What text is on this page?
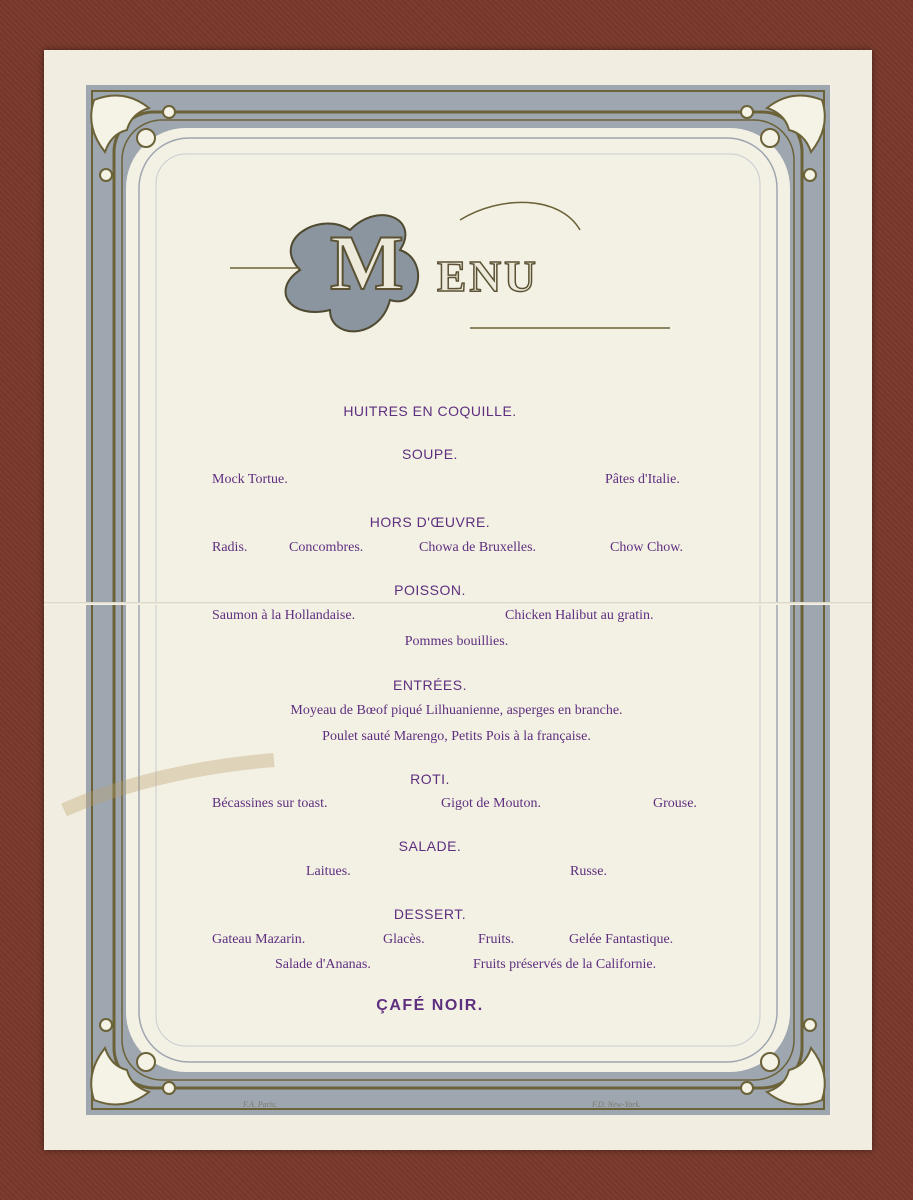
M ENU

HUITRES EN COQUILLE.

SOUPE.

Mock Tortue.	Pâtes d'Italie.

HORS D'ŒUVRE.

Radis.	Concombres.	Chowa de Bruxelles.	Chow Chow.

POISSON.

Saumon à la Hollandaise.	Chicken Halibut au gratin.
Pommes bouillies.

ENTRÉES.

Moyeau de Bœof piqué Lilhuanienne, asperges en branche.
Poulet sauté Marengo, Petits Pois à la française.

ROTI.

Bécassines sur toast.	Gigot de Mouton.	Grouse.

SALADE.

Laitues.	Russe.

DESSERT.

Gateau Mazarin.	Glacès.	Fruits.	Gelée Fantastique.
Salade d'Ananas.	Fruits préservés de la Californie.

ÇAFÉ NOIR.

F.A. Paris.	F.D. New-York.
